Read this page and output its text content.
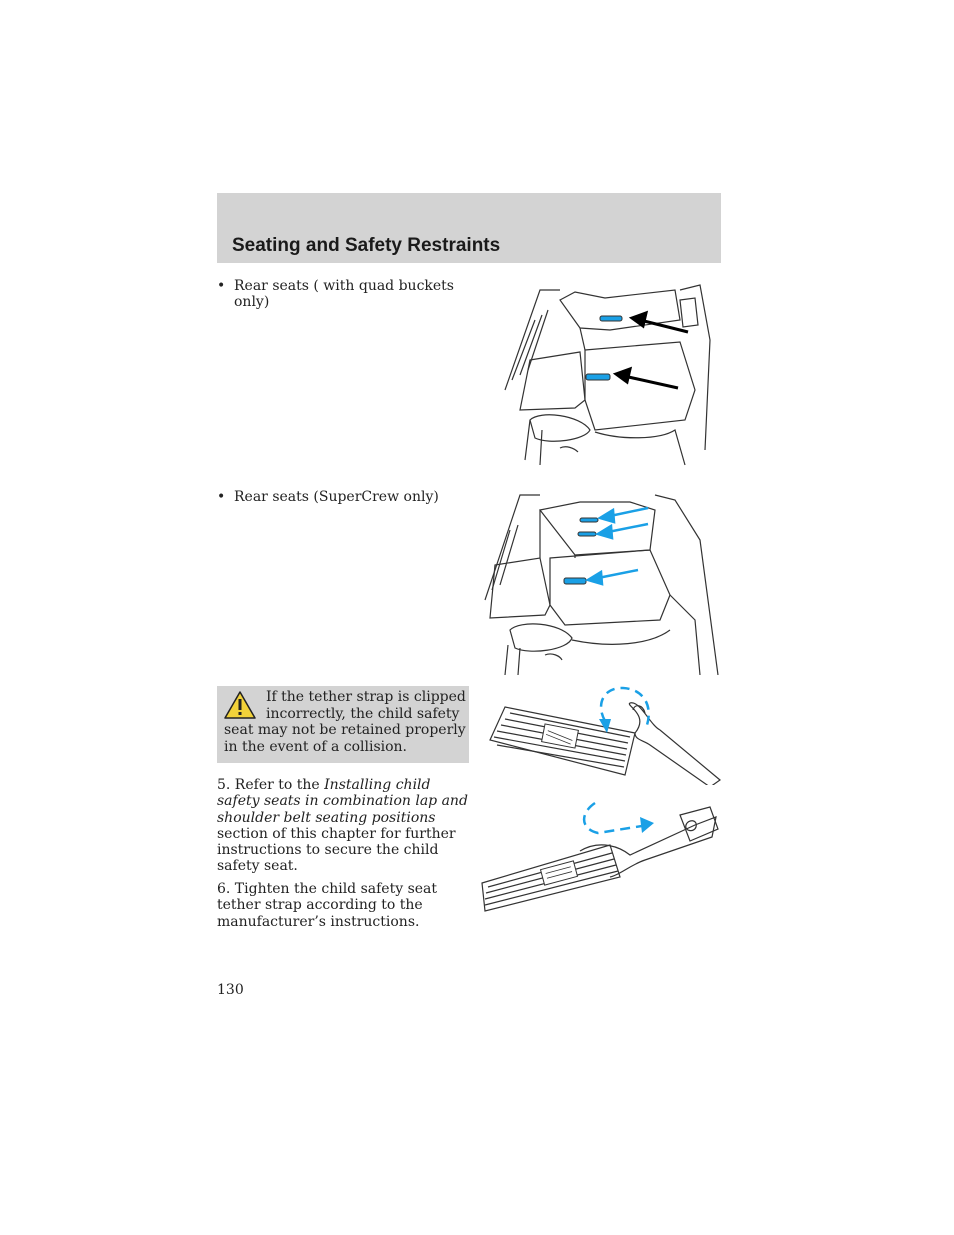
Seating and Safety Restraints
• Rear seats ( with quad buckets only)
• Rear seats (SuperCrew only)
If the tether strap is clipped incorrectly, the child safety
seat may not be retained properly in the event of a collision.
5. Refer to the Installing child safety seats in combination lap and shoulder belt seating positions section of this chapter for further instructions to secure the child safety seat.
6. Tighten the child safety seat tether strap according to the manufacturer’s instructions.
130
